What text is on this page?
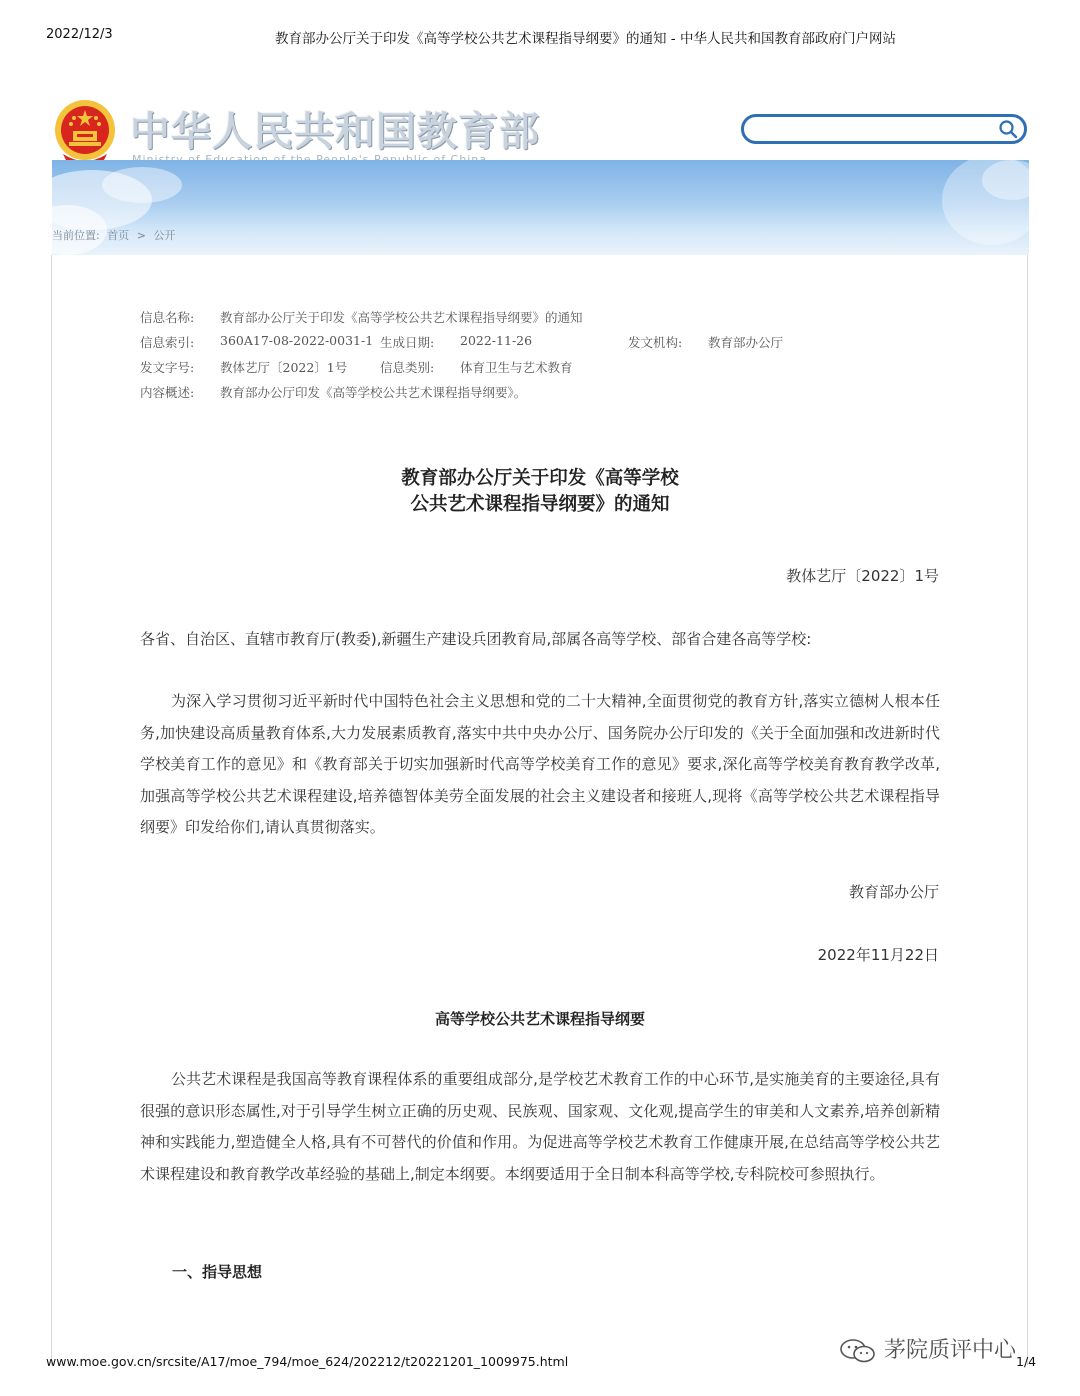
2022/12/3	教育部办公厅关于印发《高等学校公共艺术课程指导纲要》的通知 - 中华人民共和国教育部政府门户网站
中华人民共和国教育部
当前位置: 首页 > 公开
信息名称: 教育部办公厅关于印发《高等学校公共艺术课程指导纲要》的通知
信息索引: 360A17-08-2022-0031-1 生成日期: 2022-11-26	发文机构: 教育部办公厅
发文字号: 教体艺厅〔2022〕1号	信息类别: 体育卫生与艺术教育
内容概述: 教育部办公厅印发《高等学校公共艺术课程指导纲要》。
教育部办公厅关于印发《高等学校
公共艺术课程指导纲要》的通知
教体艺厅〔2022〕1号
各省、自治区、直辖市教育厅(教委),新疆生产建设兵团教育局,部属各高等学校、部省合建各高等学校:
为深入学习贯彻习近平新时代中国特色社会主义思想和党的二十大精神,全面贯彻党的教育方针,落实立德树人根本任务,加快建设高质量教育体系,大力发展素质教育,落实中共中央办公厅、国务院办公厅印发的《关于全面加强和改进新时代学校美育工作的意见》和《教育部关于切实加强新时代高等学校美育工作的意见》要求,深化高等学校美育教育教学改革,加强高等学校公共艺术课程建设,培养德智体美劳全面发展的社会主义建设者和接班人,现将《高等学校公共艺术课程指导纲要》印发给你们,请认真贯彻落实。
教育部办公厅
2022年11月22日
高等学校公共艺术课程指导纲要
公共艺术课程是我国高等教育课程体系的重要组成部分,是学校艺术教育工作的中心环节,是实施美育的主要途径,具有很强的意识形态属性,对于引导学生树立正确的历史观、民族观、国家观、文化观,提高学生的审美和人文素养,培养创新精神和实践能力,塑造健全人格,具有不可替代的价值和作用。为促进高等学校艺术教育工作健康开展,在总结高等学校公共艺术课程建设和教育教学改革经验的基础上,制定本纲要。本纲要适用于全日制本科高等学校,专科院校可参照执行。
一、指导思想
茅院质评中心
www.moe.gov.cn/srcsite/A17/moe_794/moe_624/202212/t20221201_1009975.html	1/4
